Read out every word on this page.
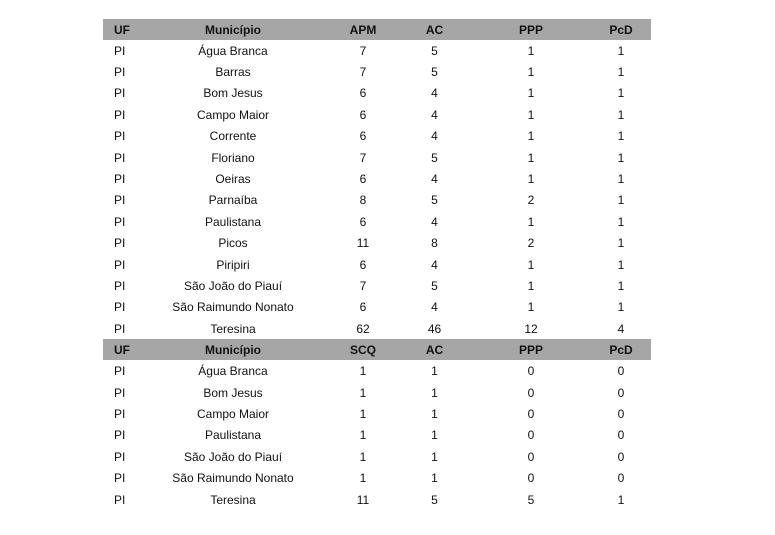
UF	Município	APM	AC	PPP	PcD
PI	Água Branca	7	5	1	1
PI	Barras	7	5	1	1
PI	Bom Jesus	6	4	1	1
PI	Campo Maior	6	4	1	1
PI	Corrente	6	4	1	1
PI	Floriano	7	5	1	1
PI	Oeiras	6	4	1	1
PI	Parnaíba	8	5	2	1
PI	Paulistana	6	4	1	1
PI	Picos	11	8	2	1
PI	Piripiri	6	4	1	1
PI	São João do Piauí	7	5	1	1
PI	São Raimundo Nonato	6	4	1	1
PI	Teresina	62	46	12	4
UF	Município	SCQ	AC	PPP	PcD
PI	Água Branca	1	1	0	0
PI	Bom Jesus	1	1	0	0
PI	Campo Maior	1	1	0	0
PI	Paulistana	1	1	0	0
PI	São João do Piauí	1	1	0	0
PI	São Raimundo Nonato	1	1	0	0
PI	Teresina	11	5	5	1
